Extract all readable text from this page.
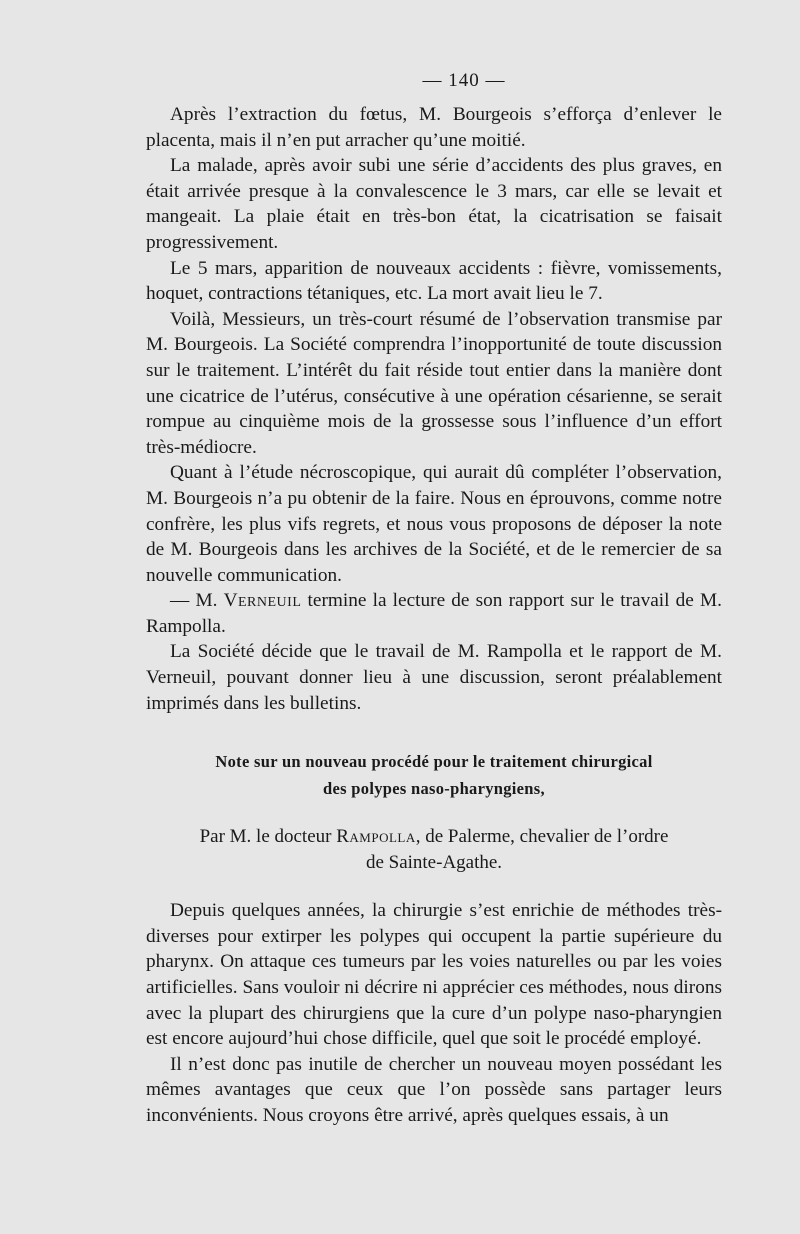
— 140 —

Après l’extraction du fœtus, M. Bourgeois s’efforça d’enlever le placenta, mais il n’en put arracher qu’une moitié.

La malade, après avoir subi une série d’accidents des plus graves, en était arrivée presque à la convalescence le 3 mars, car elle se levait et mangeait. La plaie était en très-bon état, la cicatrisation se faisait progressivement.

Le 5 mars, apparition de nouveaux accidents : fièvre, vomissements, hoquet, contractions tétaniques, etc. La mort avait lieu le 7.

Voilà, Messieurs, un très-court résumé de l’observation transmise par M. Bourgeois. La Société comprendra l’inopportunité de toute discussion sur le traitement. L’intérêt du fait réside tout entier dans la manière dont une cicatrice de l’utérus, consécutive à une opération césarienne, se serait rompue au cinquième mois de la grossesse sous l’influence d’un effort très-médiocre.

Quant à l’étude nécroscopique, qui aurait dû compléter l’observation, M. Bourgeois n’a pu obtenir de la faire. Nous en éprouvons, comme notre confrère, les plus vifs regrets, et nous vous proposons de déposer la note de M. Bourgeois dans les archives de la Société, et de le remercier de sa nouvelle communication.

— M. Verneuil termine la lecture de son rapport sur le travail de M. Rampolla.

La Société décide que le travail de M. Rampolla et le rapport de M. Verneuil, pouvant donner lieu à une discussion, seront préalablement imprimés dans les bulletins.

Note sur un nouveau procédé pour le traitement chirurgical
des polypes naso-pharyngiens,
Par M. le docteur Rampolla, de Palerme, chevalier de l’ordre
de Sainte-Agathe.

Depuis quelques années, la chirurgie s’est enrichie de méthodes très-diverses pour extirper les polypes qui occupent la partie supérieure du pharynx. On attaque ces tumeurs par les voies naturelles ou par les voies artificielles. Sans vouloir ni décrire ni apprécier ces méthodes, nous dirons avec la plupart des chirurgiens que la cure d’un polype naso-pharyngien est encore aujourd’hui chose difficile, quel que soit le procédé employé.

Il n’est donc pas inutile de chercher un nouveau moyen possédant les mêmes avantages que ceux que l’on possède sans partager leurs inconvénients. Nous croyons être arrivé, après quelques essais, à un
